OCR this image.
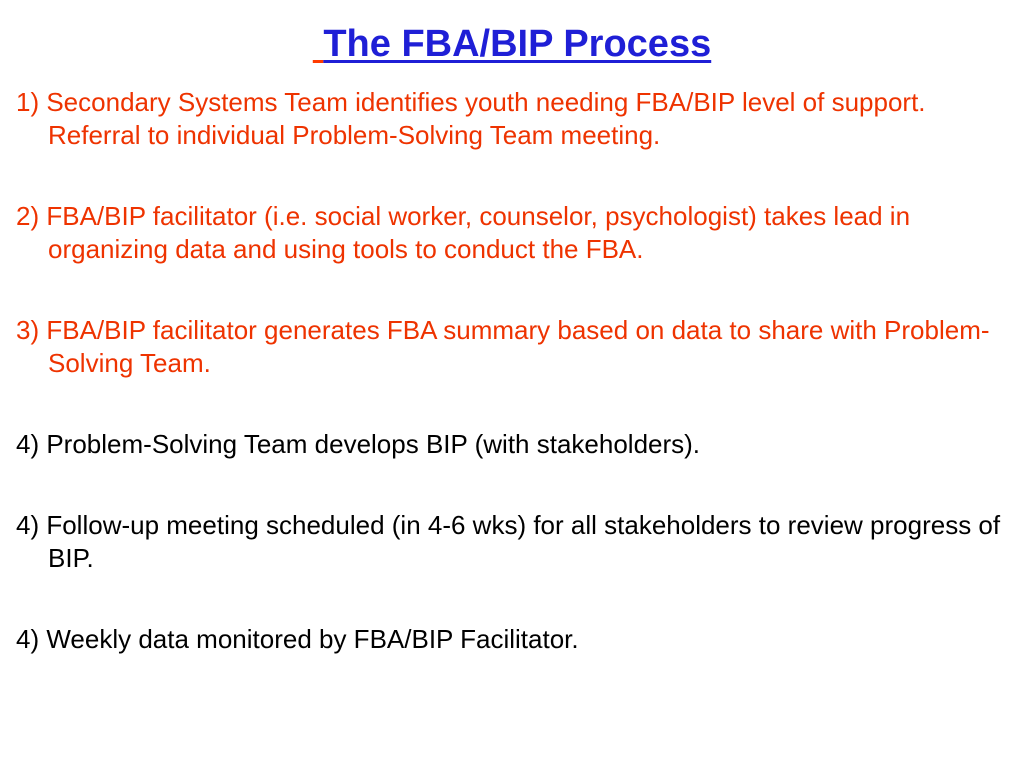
The FBA/BIP Process
1) Secondary Systems Team identifies youth needing FBA/BIP level of support. Referral to individual Problem-Solving Team meeting.
2) FBA/BIP facilitator (i.e. social worker, counselor, psychologist) takes lead in organizing data and using tools to conduct the FBA.
3) FBA/BIP facilitator generates FBA summary based on data to share with Problem-Solving Team.
4) Problem-Solving Team develops BIP (with stakeholders).
4) Follow-up meeting scheduled (in 4-6 wks) for all stakeholders to review progress of BIP.
4) Weekly data monitored by FBA/BIP Facilitator.
